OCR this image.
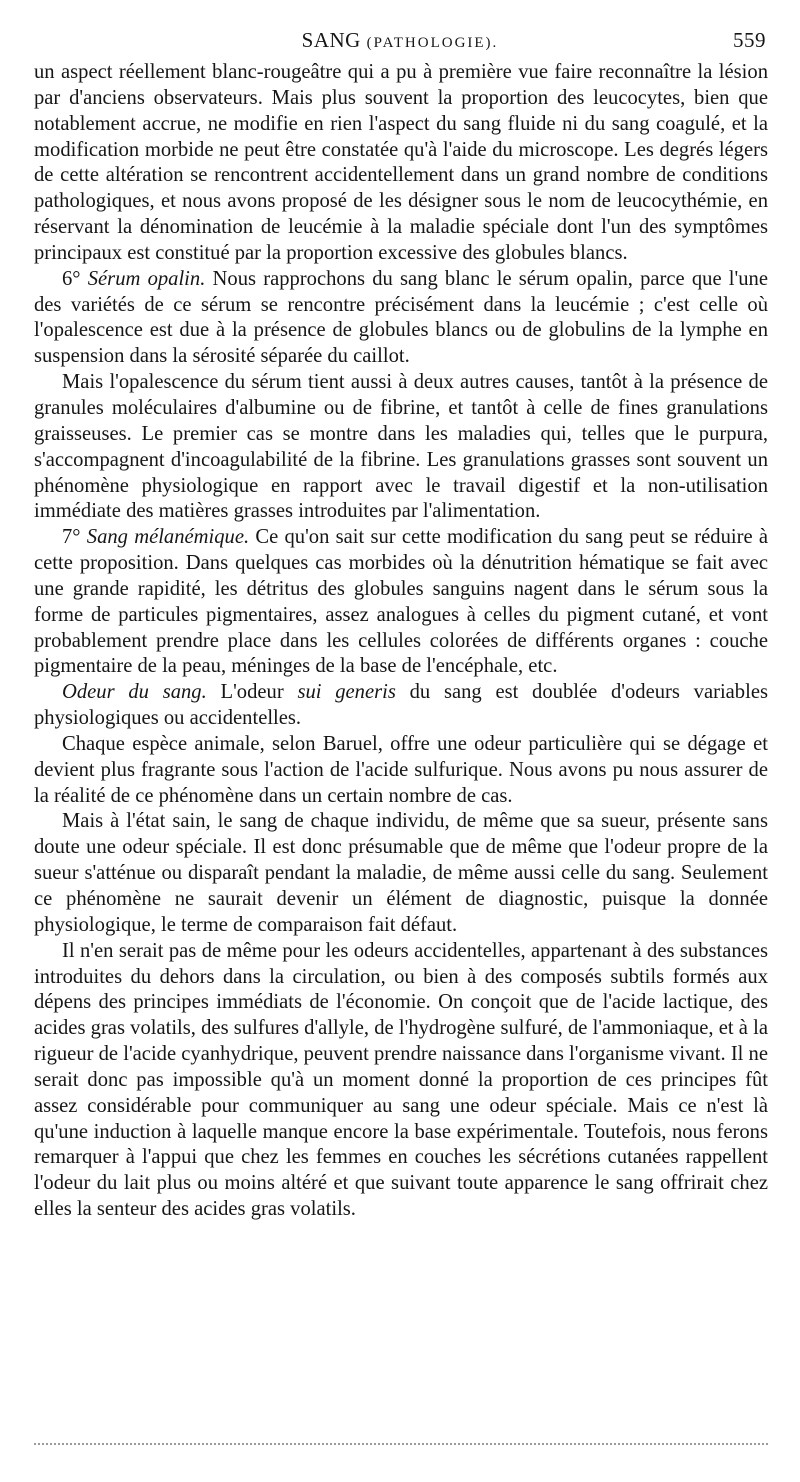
SANG (PATHOLOGIE).	559

un aspect réellement blanc-rougeâtre qui a pu à première vue faire reconnaître la lésion par d'anciens observateurs. Mais plus souvent la proportion des leucocytes, bien que notablement accrue, ne modifie en rien l'aspect du sang fluide ni du sang coagulé, et la modification morbide ne peut être constatée qu'à l'aide du microscope. Les degrés légers de cette altération se rencontrent accidentellement dans un grand nombre de conditions pathologiques, et nous avons proposé de les désigner sous le nom de leucocythémie, en réservant la dénomination de leucémie à la maladie spéciale dont l'un des symptômes principaux est constitué par la proportion excessive des globules blancs.

6° Sérum opalin. Nous rapprochons du sang blanc le sérum opalin, parce que l'une des variétés de ce sérum se rencontre précisément dans la leucémie ; c'est celle où l'opalescence est due à la présence de globules blancs ou de globulins de la lymphe en suspension dans la sérosité séparée du caillot.

Mais l'opalescence du sérum tient aussi à deux autres causes, tantôt à la présence de granules moléculaires d'albumine ou de fibrine, et tantôt à celle de fines granulations graisseuses. Le premier cas se montre dans les maladies qui, telles que le purpura, s'accompagnent d'incoagulabilité de la fibrine. Les granulations grasses sont souvent un phénomène physiologique en rapport avec le travail digestif et la non-utilisation immédiate des matières grasses introduites par l'alimentation.

7° Sang mélanémique. Ce qu'on sait sur cette modification du sang peut se réduire à cette proposition. Dans quelques cas morbides où la dénutrition hématique se fait avec une grande rapidité, les détritus des globules sanguins nagent dans le sérum sous la forme de particules pigmentaires, assez analogues à celles du pigment cutané, et vont probablement prendre place dans les cellules colorées de différents organes : couche pigmentaire de la peau, méninges de la base de l'encéphale, etc.

Odeur du sang. L'odeur sui generis du sang est doublée d'odeurs variables physiologiques ou accidentelles.

Chaque espèce animale, selon Baruel, offre une odeur particulière qui se dégage et devient plus fragrante sous l'action de l'acide sulfurique. Nous avons pu nous assurer de la réalité de ce phénomène dans un certain nombre de cas.

Mais à l'état sain, le sang de chaque individu, de même que sa sueur, présente sans doute une odeur spéciale. Il est donc présumable que de même que l'odeur propre de la sueur s'atténue ou disparaît pendant la maladie, de même aussi celle du sang. Seulement ce phénomène ne saurait devenir un élément de diagnostic, puisque la donnée physiologique, le terme de comparaison fait défaut.

Il n'en serait pas de même pour les odeurs accidentelles, appartenant à des substances introduites du dehors dans la circulation, ou bien à des composés subtils formés aux dépens des principes immédiats de l'économie. On conçoit que de l'acide lactique, des acides gras volatils, des sulfures d'allyle, de l'hydrogène sulfuré, de l'ammoniaque, et à la rigueur de l'acide cyanhydrique, peuvent prendre naissance dans l'organisme vivant. Il ne serait donc pas impossible qu'à un moment donné la proportion de ces principes fût assez considérable pour communiquer au sang une odeur spéciale. Mais ce n'est là qu'une induction à laquelle manque encore la base expérimentale. Toutefois, nous ferons remarquer à l'appui que chez les femmes en couches les sécrétions cutanées rappellent l'odeur du lait plus ou moins altéré et que suivant toute apparence le sang offrirait chez elles la senteur des acides gras volatils.
